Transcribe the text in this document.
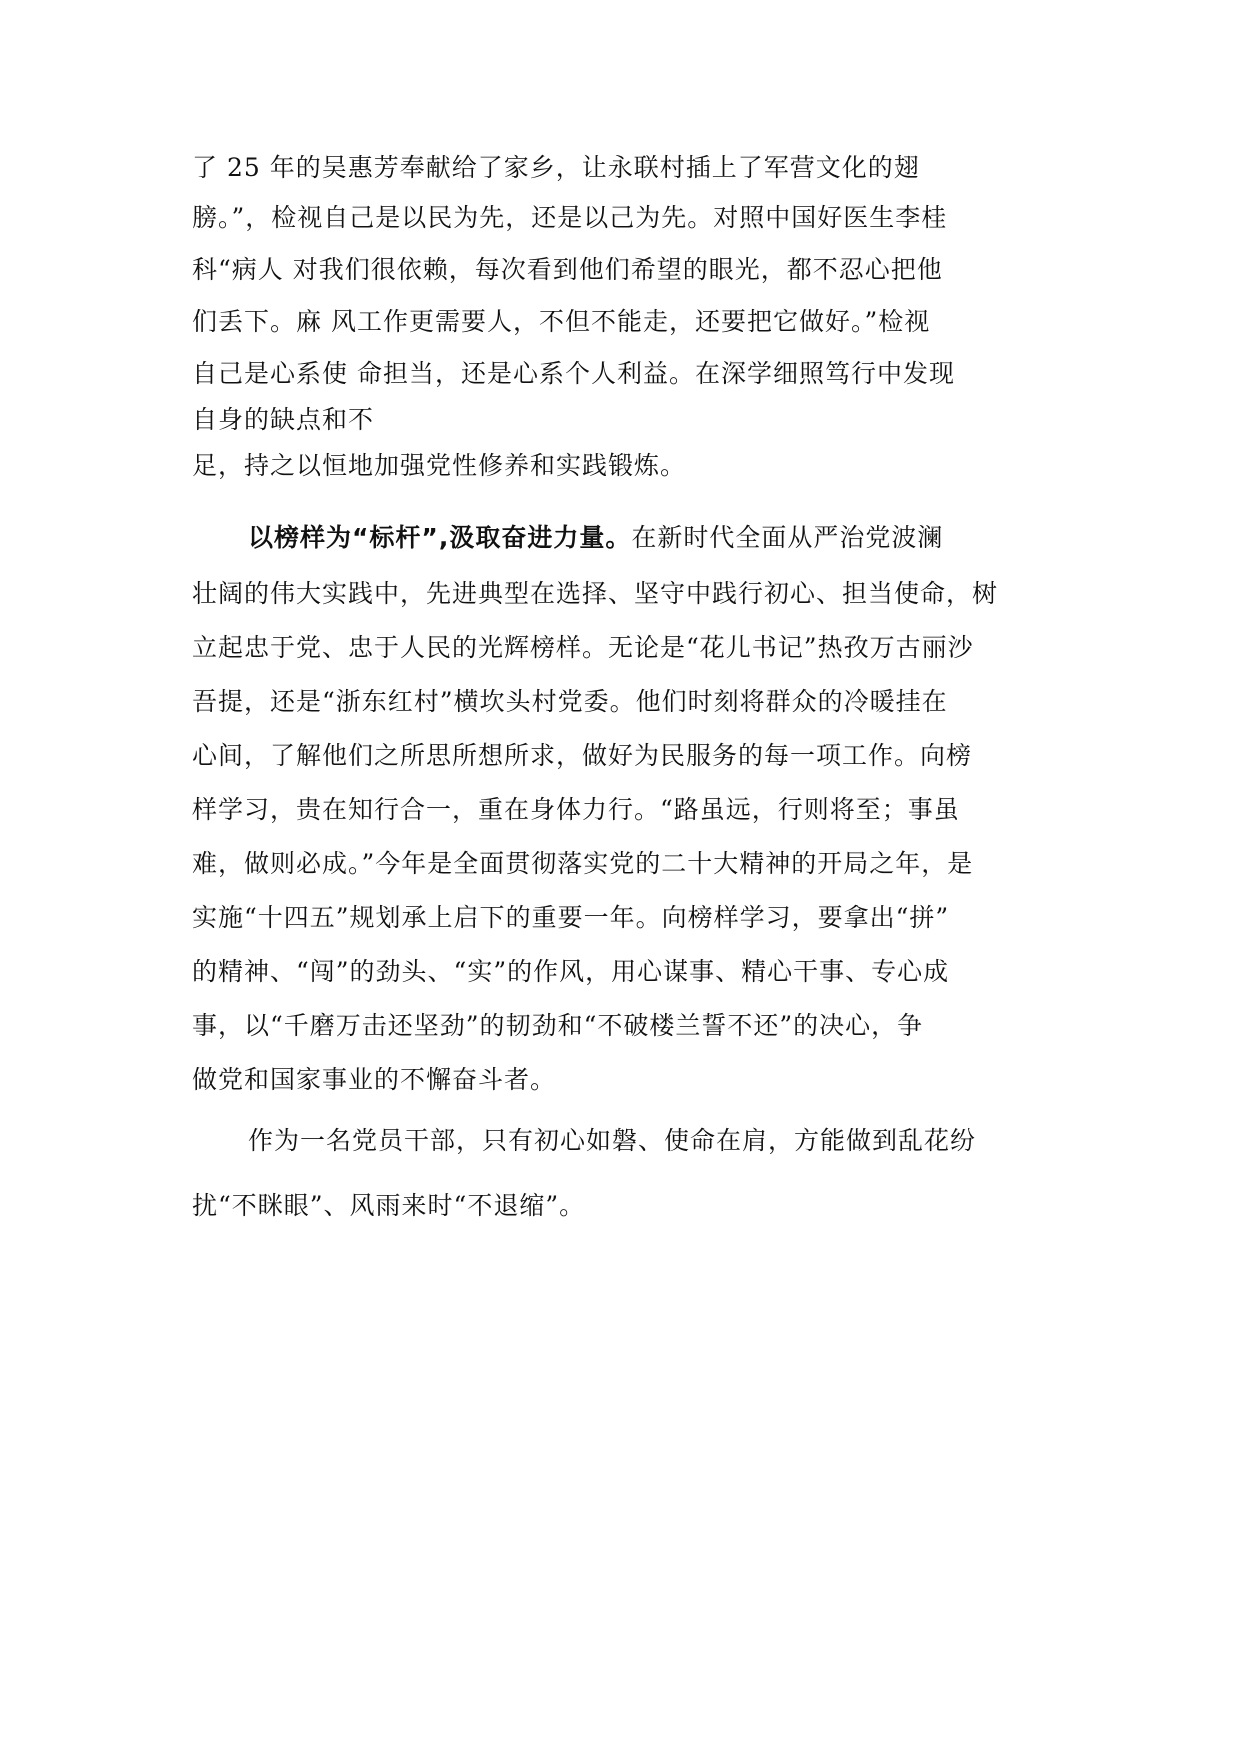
了 25 年的吴惠芳奉献给了家乡，让永联村插上了军营文化的翅
膀。”，检视自己是以民为先，还是以己为先。对照中国好医生李桂
科“病人 对我们很依赖，每次看到他们希望的眼光，都不忍心把他
们丢下。麻 风工作更需要人，不但不能走，还要把它做好。”检视
自己是心系使 命担当，还是心系个人利益。在深学细照笃行中发现
自身的缺点和不
足，持之以恒地加强党性修养和实践锻炼。
以榜样为“标杆”,汲取奋进力量。在新时代全面从严治党波澜
壮阔的伟大实践中，先进典型在选择、坚守中践行初心、担当使命，树
立起忠于党、忠于人民的光辉榜样。无论是“花儿书记”热孜万古丽沙
吾提，还是“浙东红村”横坎头村党委。他们时刻将群众的冷暖挂在
心间，了解他们之所思所想所求，做好为民服务的每一项工作。向榜
样学习，贵在知行合一，重在身体力行。“路虽远，行则将至；事虽
难，做则必成。”今年是全面贯彻落实党的二十大精神的开局之年，是
实施“十四五”规划承上启下的重要一年。向榜样学习，要拿出“拼”
的精神、“闯”的劲头、“实”的作风，用心谋事、精心干事、专心成
事，以“千磨万击还坚劲”的韧劲和“不破楼兰誓不还”的决心，争
做党和国家事业的不懈奋斗者。
作为一名党员干部，只有初心如磐、使命在肩，方能做到乱花纷
扰“不眯眼”、风雨来时“不退缩”。
